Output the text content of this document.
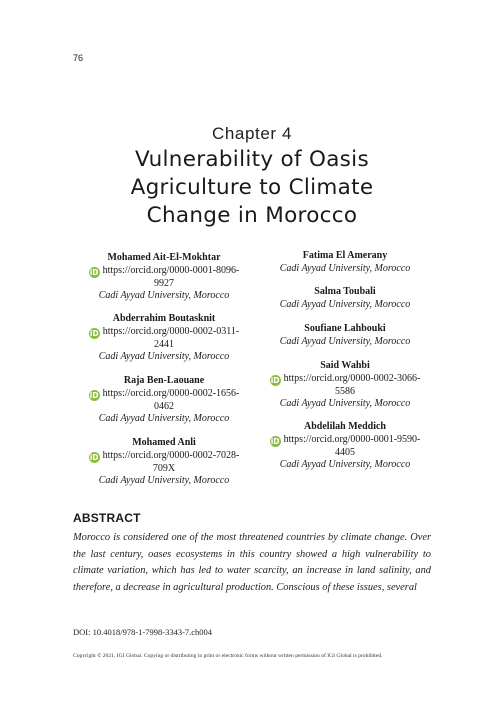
76
Chapter 4
Vulnerability of Oasis
Agriculture to Climate
Change in Morocco
Mohamed Ait-El-Mokhtar
iD https://orcid.org/0000-0001-8096-
9927
Cadi Ayyad University, Morocco
Abderrahim Boutasknit
iD https://orcid.org/0000-0002-0311-
2441
Cadi Ayyad University, Morocco
Raja Ben-Laouane
iD https://orcid.org/0000-0002-1656-
0462
Cadi Ayyad University, Morocco
Mohamed Anli
iD https://orcid.org/0000-0002-7028-
709X
Cadi Ayyad University, Morocco
Fatima El Amerany
Cadi Ayyad University, Morocco
Salma Toubali
Cadi Ayyad University, Morocco
Soufiane Lahbouki
Cadi Ayyad University, Morocco
Said Wahbi
iD https://orcid.org/0000-0002-3066-
5586
Cadi Ayyad University, Morocco
Abdelilah Meddich
iD https://orcid.org/0000-0001-9590-
4405
Cadi Ayyad University, Morocco
ABSTRACT
Morocco is considered one of the most threatened countries by climate change. Over the last century, oases ecosystems in this country showed a high vulnerability to climate variation, which has led to water scarcity, an increase in land salinity, and therefore, a decrease in agricultural production. Conscious of these issues, several
DOI: 10.4018/978-1-7998-3343-7.ch004
Copyright © 2021, IGI Global. Copying or distributing in print or electronic forms without written permission of IGI Global is prohibited.
